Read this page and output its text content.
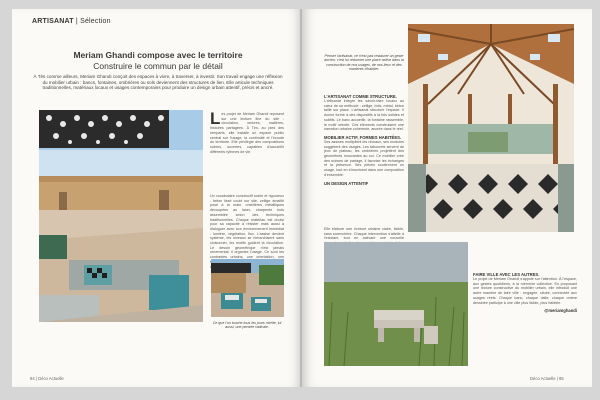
ARTISANAT | Sélection
Meriam Ghandi compose avec le territoire
Construire le commun par le détail
À Tès comme ailleurs, Meriam Ghandi conçoit des espaces à vivre, à traverser, à investir. Son travail engage une réflexion du mobilier urbain : bancs, fontaines, ombrières ou sols deviennent des structures de lien. Elle articule techniques traditionnelles, matériaux locaux et usages contemporains pour produire un design urbain attentif, précis et ancré.
Les projet de Meriam Ghandi reposent sur une lecture fine du site : circulation, ombres, matières, histoires partagées. À Tès, au pied des remparts, elle installe un espace public central sur l'usage, la continuité et l'écoute du territoire. Elle privilégie des compositions sobres, ouvertes, capables d'accueillir différents rythmes de vie.
Un vocabulaire constructif sobre et rigoureux : béton lissé coulé sur site, zellige émaillé posé à la main, ombrières métalliques découpées au laser, charpente bois assemblée selon des techniques traditionnelles. Chaque matériau est choisi pour sa capacité à résister mais aussi à dialoguer avec son environnement immédiat : lumière, végétation, flux. L'assise devient système, les niveaux se hiérarchisent sans cloisonner, les motifs guident la circulation. Le dessin géométrique n'est jamais ornemental, il organise l'usage. Ce sont les contrastes urbains, une orientation, une
Ce que l'on touche tous les jours mérite, lui aussi, une pensée radicale.
94 | Déco Actuelle
Penser l'artisanat, ce n'est pas restaurer un geste ancien, c'est lui redonner une place active dans la construction de nos usages, de nos lieux et des manières d'habiter.
L'ARTISANAT COMME STRUCTURE.
L'artisanat intègre les savoir-faire locaux au cœur de sa méthode : zellige, bois, métal, béton taillé sur place. L'artisanat structure l'espace. Il donne forme à des dispositifs à la fois solides et subtils. Le banc accueille, la fontaine rassemble, le motif oriente. Ces éléments construisent une narration urbaine cohérente, ancrée dans le réel.
MOBILIER ACTIF, FORMES HABITÉES.
Ses assises multiplient les niveaux, ses modules suggèrent des usages. Les tabourets servent de jeux de plateau, les ombrières projettent des géométries mouvantes au sol. Ce mobilier crée des scènes de partage, il favorise les échanges et la présence. Ses pièces soutiennent un usage, tout en s'inscrivant dans une composition d'ensemble.
UN DESIGN ATTENTIF
Elle élabore une écriture urbaine claire, lisible, sans surenchère. Chaque intervention s'attelle à l'existant, tout en activant une nouvelle
FAIRE VILLE AVEC LES AUTRES.
Le projet de Meriam Ghandi s'appuie sur l'attention. À l'espace, aux gestes quotidiens, à la mémoire collective. En proposant une lecture constructive du mobilier urbain, elle introduit une autre manière de faire ville : engagée, située, connectée aux usages réels. Chaque banc, chaque dalle, chaque ombre dessinée participe à une ville plus lisible, plus habitée.
@meriamghandi
Déco Actuelle | 95
